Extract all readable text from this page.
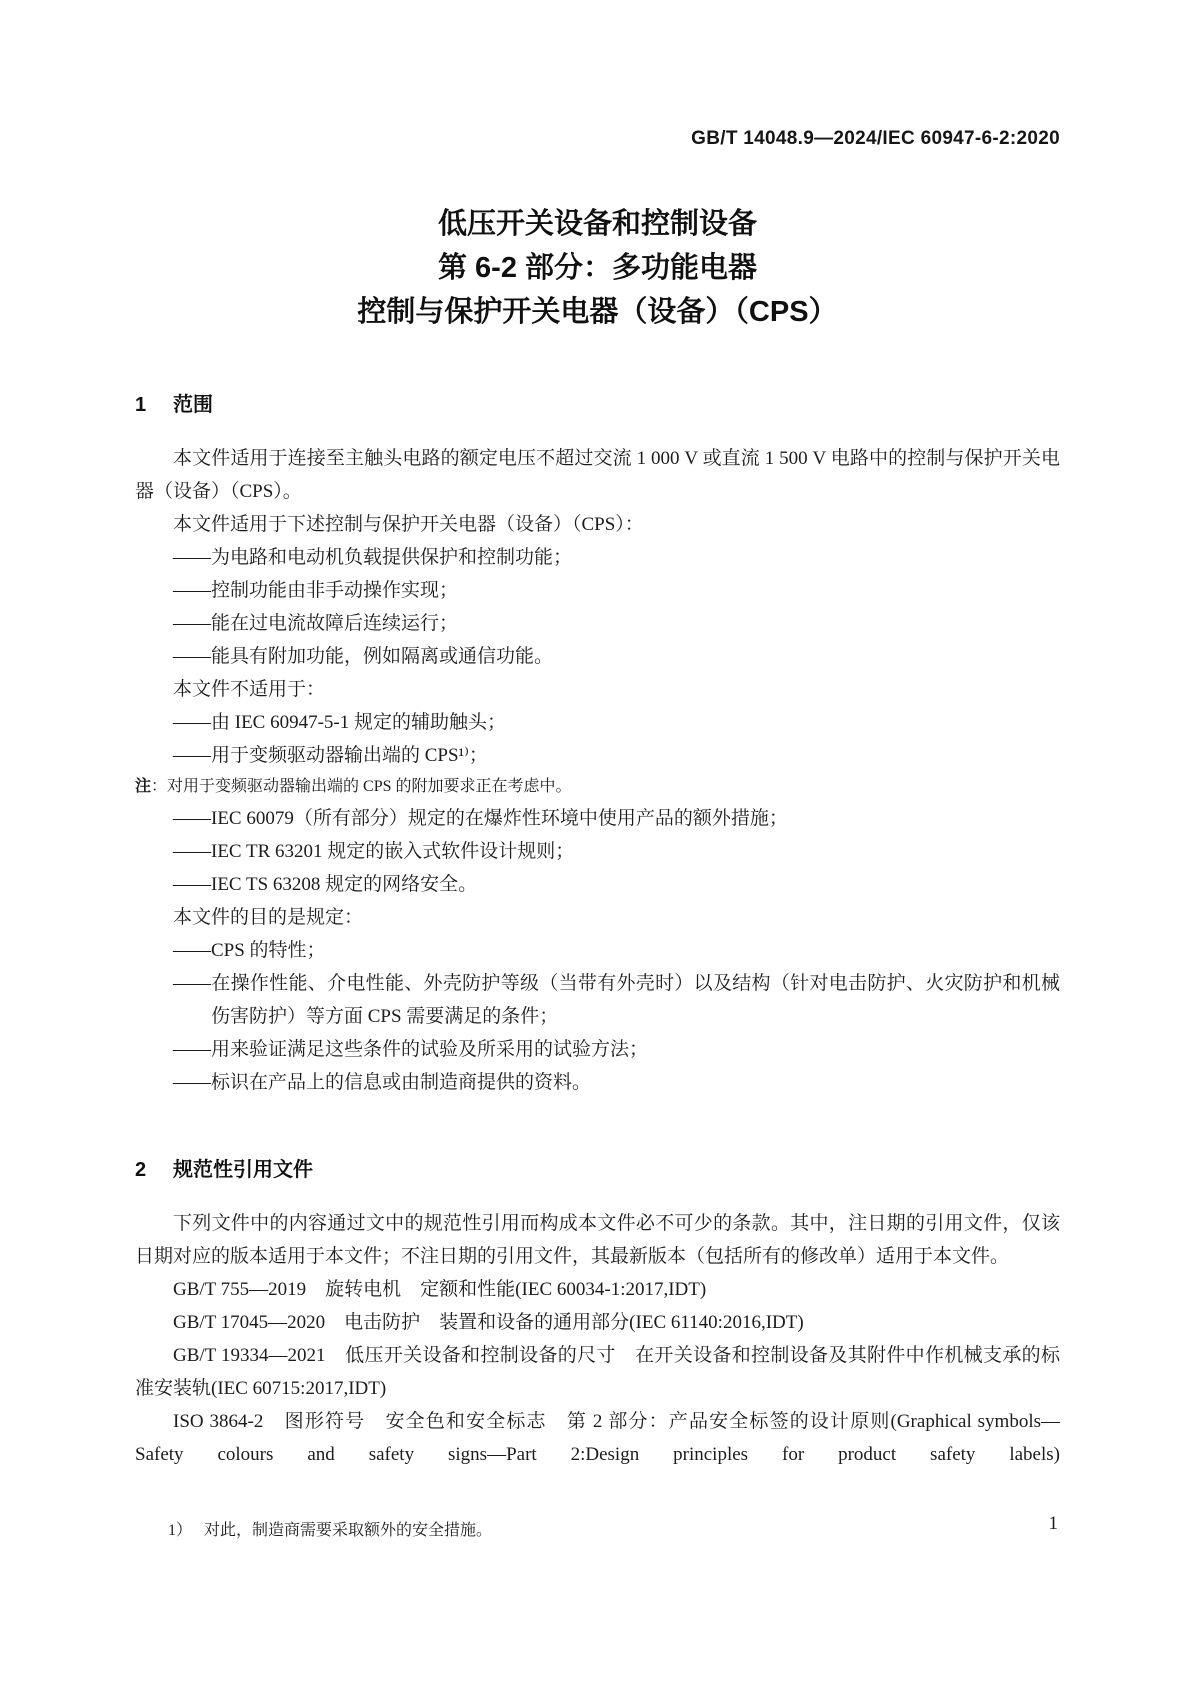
GB/T 14048.9—2024/IEC 60947-6-2:2020
低压开关设备和控制设备
第 6-2 部分：多功能电器
控制与保护开关电器（设备）（CPS）
1 范围

本文件适用于连接至主触头电路的额定电压不超过交流 1 000 V 或直流 1 500 V 电路中的控制与保护开关电器（设备）（CPS）。

本文件适用于下述控制与保护开关电器（设备）（CPS）：

——为电路和电动机负载提供保护和控制功能；

——控制功能由非手动操作实现；

——能在过电流故障后连续运行；

——能具有附加功能，例如隔离或通信功能。

本文件不适用于：

——由 IEC 60947-5-1 规定的辅助触头；

——用于变频驱动器输出端的 CPS¹⁾；

注：对用于变频驱动器输出端的 CPS 的附加要求正在考虑中。

——IEC 60079（所有部分）规定的在爆炸性环境中使用产品的额外措施；

——IEC TR 63201 规定的嵌入式软件设计规则；

——IEC TS 63208 规定的网络安全。

本文件的目的是规定：

——CPS 的特性；

——在操作性能、介电性能、外壳防护等级（当带有外壳时）以及结构（针对电击防护、火灾防护和机械伤害防护）等方面 CPS 需要满足的条件；

——用来验证满足这些条件的试验及所采用的试验方法；

——标识在产品上的信息或由制造商提供的资料。

2 规范性引用文件

下列文件中的内容通过文中的规范性引用而构成本文件必不可少的条款。其中，注日期的引用文件，仅该日期对应的版本适用于本文件；不注日期的引用文件，其最新版本（包括所有的修改单）适用于本文件。

GB/T 755—2019　旋转电机　定额和性能(IEC 60034-1:2017,IDT)

GB/T 17045—2020　电击防护　装置和设备的通用部分(IEC 61140:2016,IDT)

GB/T 19334—2021　低压开关设备和控制设备的尺寸　在开关设备和控制设备及其附件中作机械支承的标准安装轨(IEC 60715:2017,IDT)

ISO 3864-2　图形符号　安全色和安全标志　第 2 部分：产品安全标签的设计原则(Graphical symbols—Safety colours and safety signs—Part 2:Design principles for product safety labels)

1） 对此，制造商需要采取额外的安全措施。	1
